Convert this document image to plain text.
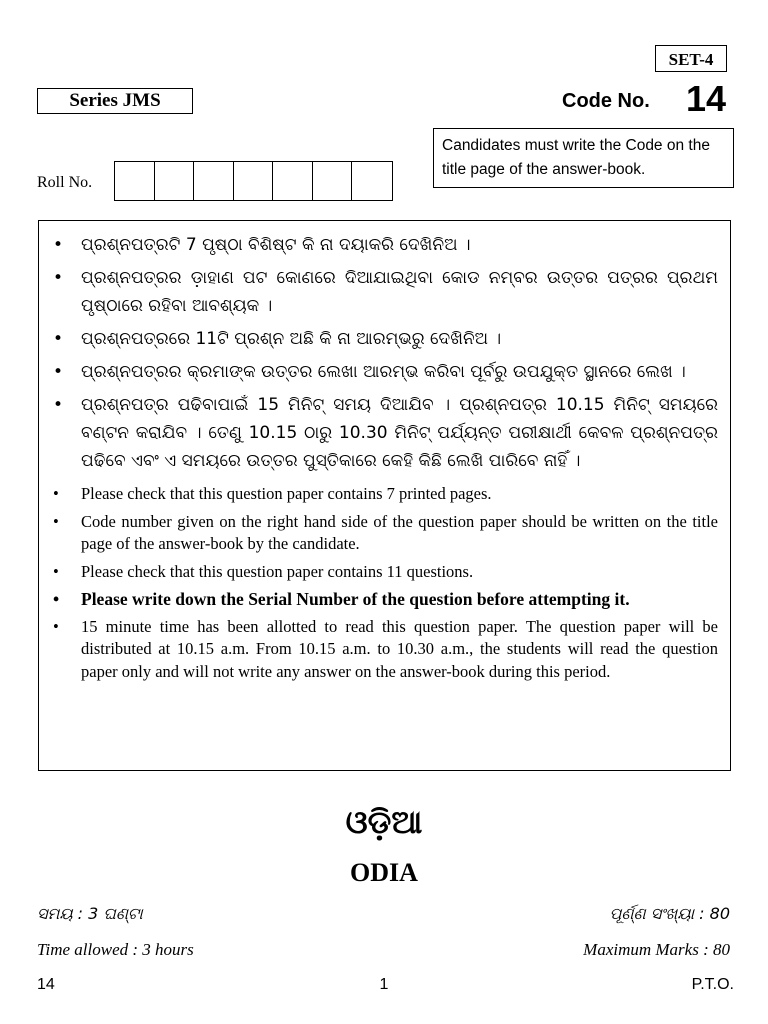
SET-4
Series JMS	Code No. 14
Candidates must write the Code on the title page of the answer-book.
Roll No.
• ପ୍ରଶ୍ନପତ୍ରଟି 7 ପୃଷ୍ଠା ବିଶିଷ୍ଟ କି ନା ଦୟାକରି ଦେଖିନିଅ ।
• ପ୍ରଶ୍ନପତ୍ରର ଡ଼ାହାଣ ପଟ କୋଣରେ ଦିଆଯାଇଥିବା କୋଡ ନମ୍ବର ଉତ୍ତର ପତ୍ରର ପ୍ରଥମ ପୃଷ୍ଠାରେ ରହିବା ଆବଶ୍ୟକ ।
• ପ୍ରଶ୍ନପତ୍ରରେ 11ଟି ପ୍ରଶ୍ନ ଅଛି କି ନା ଆରମ୍ଭରୁ ଦେଖିନିଅ ।
• ପ୍ରଶ୍ନପତ୍ରର କ୍ରମାଙ୍କ ଉତ୍ତର ଲେଖା ଆରମ୍ଭ କରିବା ପୂର୍ବରୁ ଉପଯୁକ୍ତ ସ୍ଥାନରେ ଲେଖ ।
• ପ୍ରଶ୍ନପତ୍ର ପଢିବାପାଇଁ 15 ମିନିଟ୍ ସମୟ ଦିଆଯିବ । ପ୍ରଶ୍ନପତ୍ର 10.15 ମିନିଟ୍ ସମୟରେ ବଣ୍ଟନ କରାଯିବ । ତେଣୁ 10.15 ଠାରୁ 10.30 ମିନିଟ୍ ପର୍ଯ୍ୟନ୍ତ ପରୀକ୍ଷାର୍ଥୀ କେବଳ ପ୍ରଶ୍ନପତ୍ର ପଢିବେ ଏବଂ ଏ ସମୟରେ ଉତ୍ତର ପୁସ୍ତିକାରେ କେହି କିଛି ଲେଖି ପାରିବେ ନାହିଁ ।
• Please check that this question paper contains 7 printed pages.
• Code number given on the right hand side of the question paper should be written on the title page of the answer-book by the candidate.
• Please check that this question paper contains 11 questions.
• Please write down the Serial Number of the question before attempting it.
• 15 minute time has been allotted to read this question paper. The question paper will be distributed at 10.15 a.m. From 10.15 a.m. to 10.30 a.m., the students will read the question paper only and will not write any answer on the answer-book during this period.
ଓଡ଼ିଆ
ODIA
ସମୟ : 3 ଘଣ୍ଟା	ପୂର୍ଣ୍ଣ ସଂଖ୍ୟା : 80
Time allowed : 3 hours	Maximum Marks : 80
14	1	P.T.O.
